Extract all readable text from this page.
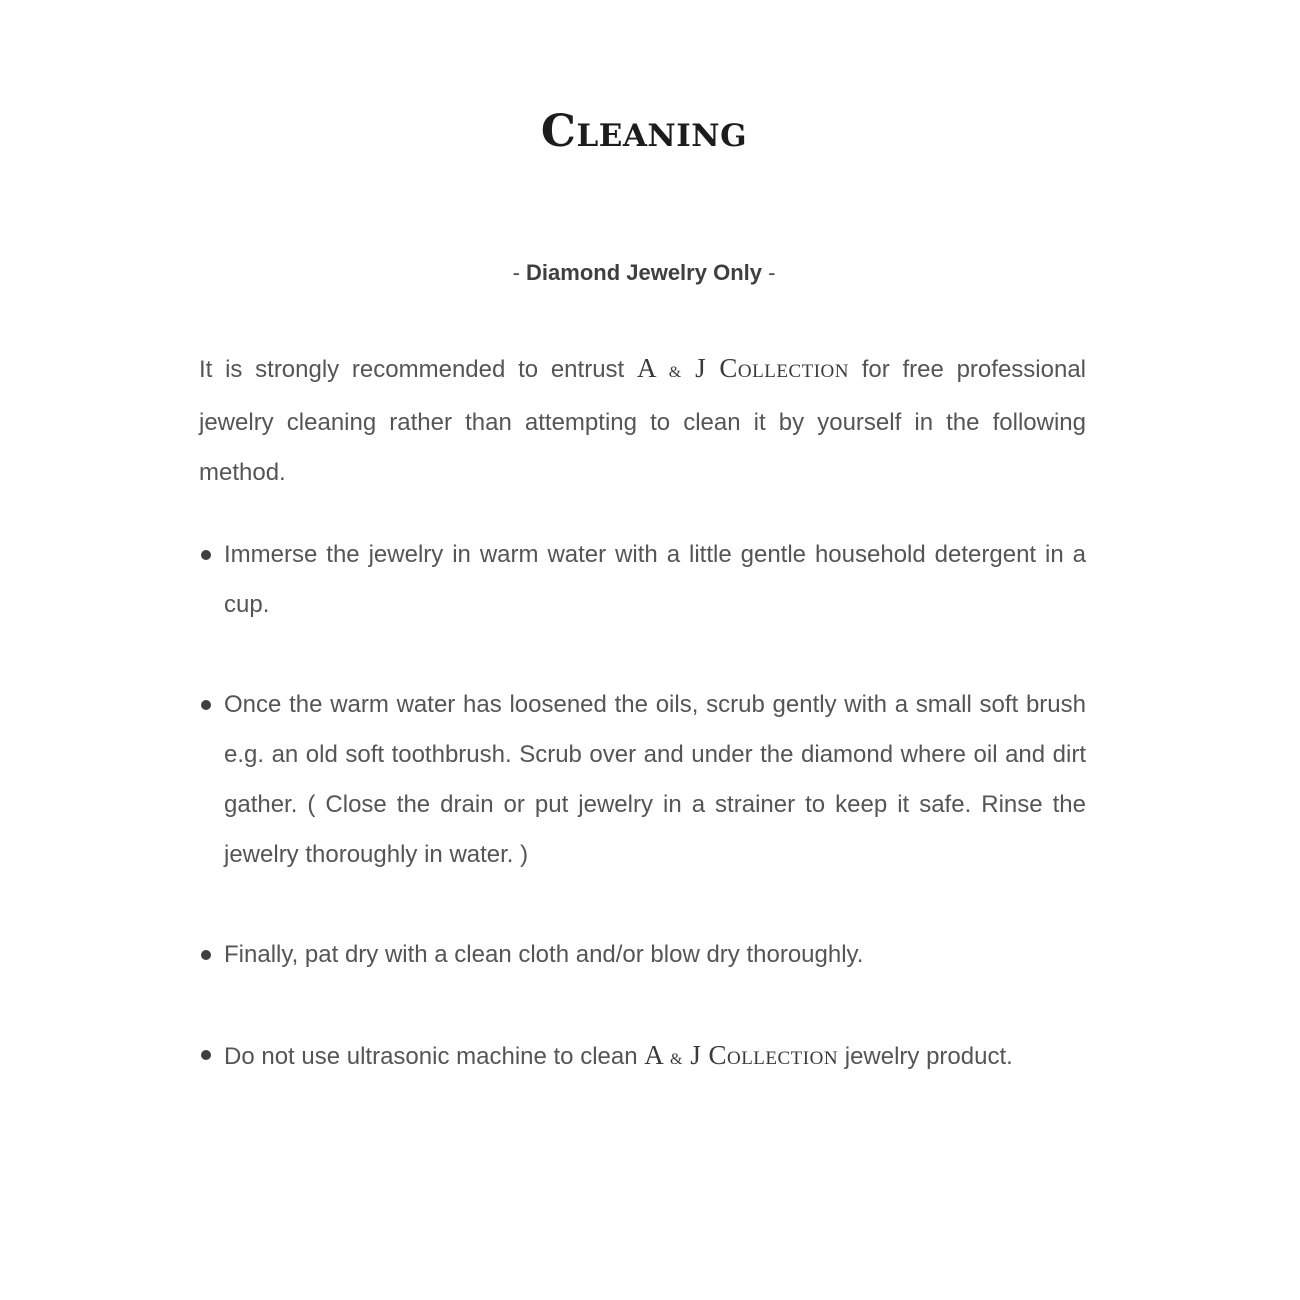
Cleaning

- Diamond Jewelry Only -

It is strongly recommended to entrust A & J Collection for free professional jewelry cleaning rather than attempting to clean it by yourself in the following method.

Immerse the jewelry in warm water with a little gentle household detergent in a cup.

Once the warm water has loosened the oils, scrub gently with a small soft brush e.g. an old soft toothbrush. Scrub over and under the diamond where oil and dirt gather. ( Close the drain or put jewelry in a strainer to keep it safe. Rinse the jewelry thoroughly in water. )

Finally, pat dry with a clean cloth and/or blow dry thoroughly.

Do not use ultrasonic machine to clean A & J Collection jewelry product.
